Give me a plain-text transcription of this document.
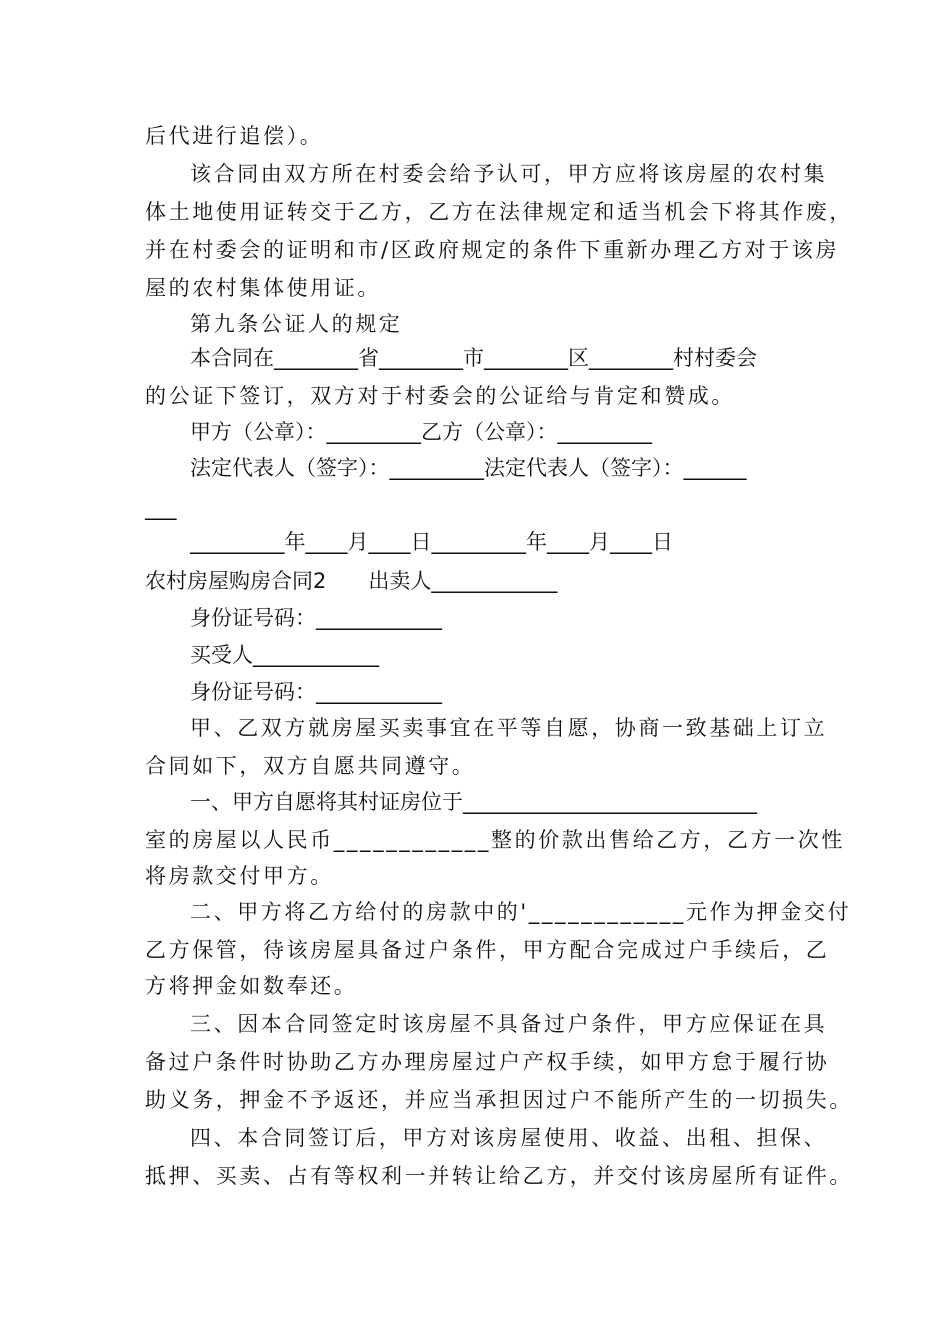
后代进行追偿）。
该合同由双方所在村委会给予认可，甲方应将该房屋的农村集
体土地使用证转交于乙方，乙方在法律规定和适当机会下将其作废，
并在村委会的证明和市/区政府规定的条件下重新办理乙方对于该房
屋的农村集体使用证。
第九条公证人的规定
本合同在________省________市________区________村村委会
的公证下签订，双方对于村委会的公证给与肯定和赞成。
甲方（公章）：_________乙方（公章）：_________
法定代表人（签字）：_________法定代表人（签字）：______
___
_________年____月____日_________年____月____日
农村房屋购房合同2　　出卖人____________
身份证号码：____________
买受人____________
身份证号码：____________
甲、乙双方就房屋买卖事宜在平等自愿，协商一致基础上订立
合同如下，双方自愿共同遵守。
一、甲方自愿将其村证房位于____________________________
室的房屋以人民币____________整的价款出售给乙方，乙方一次性
将房款交付甲方。
二、甲方将乙方给付的房款中的'____________元作为押金交付
乙方保管，待该房屋具备过户条件，甲方配合完成过户手续后，乙
方将押金如数奉还。
三、因本合同签定时该房屋不具备过户条件，甲方应保证在具
备过户条件时协助乙方办理房屋过户产权手续，如甲方怠于履行协
助义务，押金不予返还，并应当承担因过户不能所产生的一切损失。
四、本合同签订后，甲方对该房屋使用、收益、出租、担保、
抵押、买卖、占有等权利一并转让给乙方，并交付该房屋所有证件。
